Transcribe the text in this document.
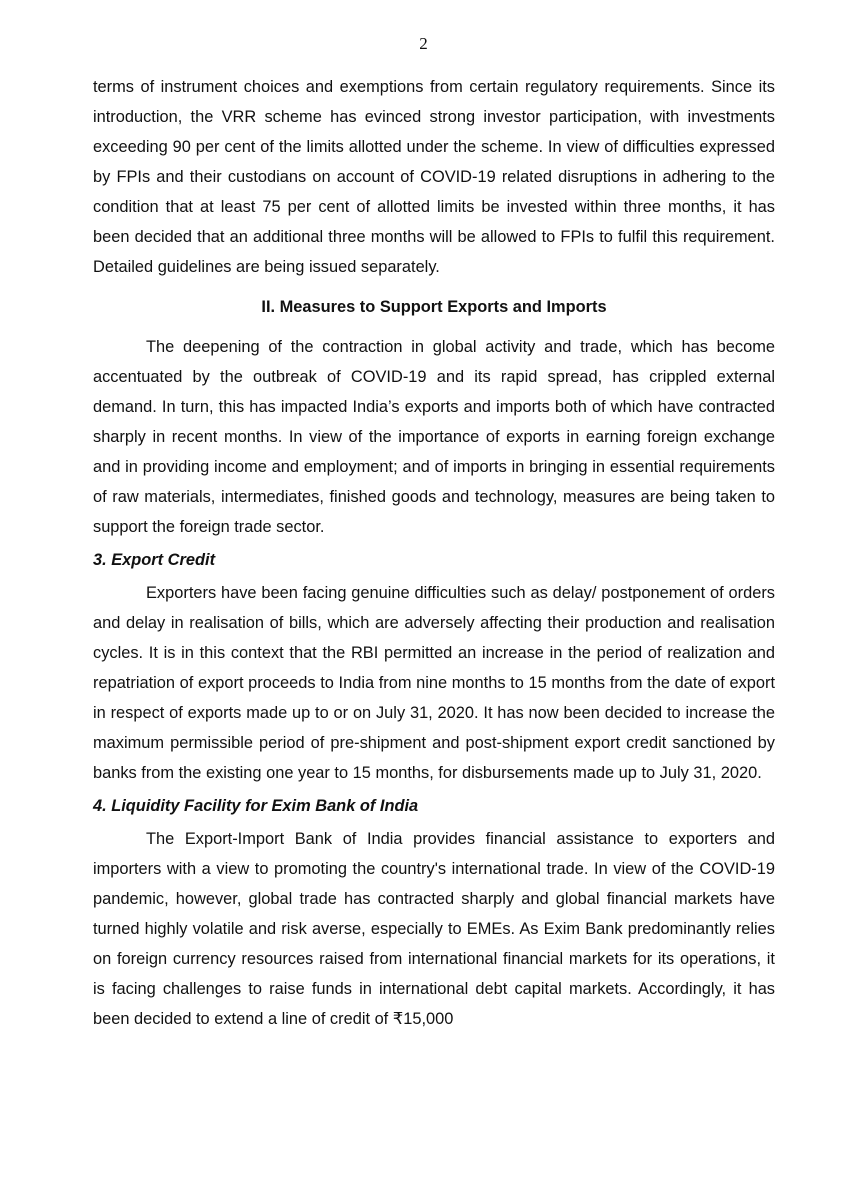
2

terms of instrument choices and exemptions from certain regulatory requirements. Since its introduction, the VRR scheme has evinced strong investor participation, with investments exceeding 90 per cent of the limits allotted under the scheme. In view of difficulties expressed by FPIs and their custodians on account of COVID-19 related disruptions in adhering to the condition that at least 75 per cent of allotted limits be invested within three months, it has been decided that an additional three months will be allowed to FPIs to fulfil this requirement. Detailed guidelines are being issued separately.

II. Measures to Support Exports and Imports

The deepening of the contraction in global activity and trade, which has become accentuated by the outbreak of COVID-19 and its rapid spread, has crippled external demand. In turn, this has impacted India’s exports and imports both of which have contracted sharply in recent months. In view of the importance of exports in earning foreign exchange and in providing income and employment; and of imports in bringing in essential requirements of raw materials, intermediates, finished goods and technology, measures are being taken to support the foreign trade sector.

3. Export Credit

Exporters have been facing genuine difficulties such as delay/ postponement of orders and delay in realisation of bills, which are adversely affecting their production and realisation cycles. It is in this context that the RBI permitted an increase in the period of realization and repatriation of export proceeds to India from nine months to 15 months from the date of export in respect of exports made up to or on July 31, 2020. It has now been decided to increase the maximum permissible period of pre-shipment and post-shipment export credit sanctioned by banks from the existing one year to 15 months, for disbursements made up to July 31, 2020.

4. Liquidity Facility for Exim Bank of India

The Export-Import Bank of India provides financial assistance to exporters and importers with a view to promoting the country's international trade. In view of the COVID-19 pandemic, however, global trade has contracted sharply and global financial markets have turned highly volatile and risk averse, especially to EMEs. As Exim Bank predominantly relies on foreign currency resources raised from international financial markets for its operations, it is facing challenges to raise funds in international debt capital markets. Accordingly, it has been decided to extend a line of credit of ₹15,000
